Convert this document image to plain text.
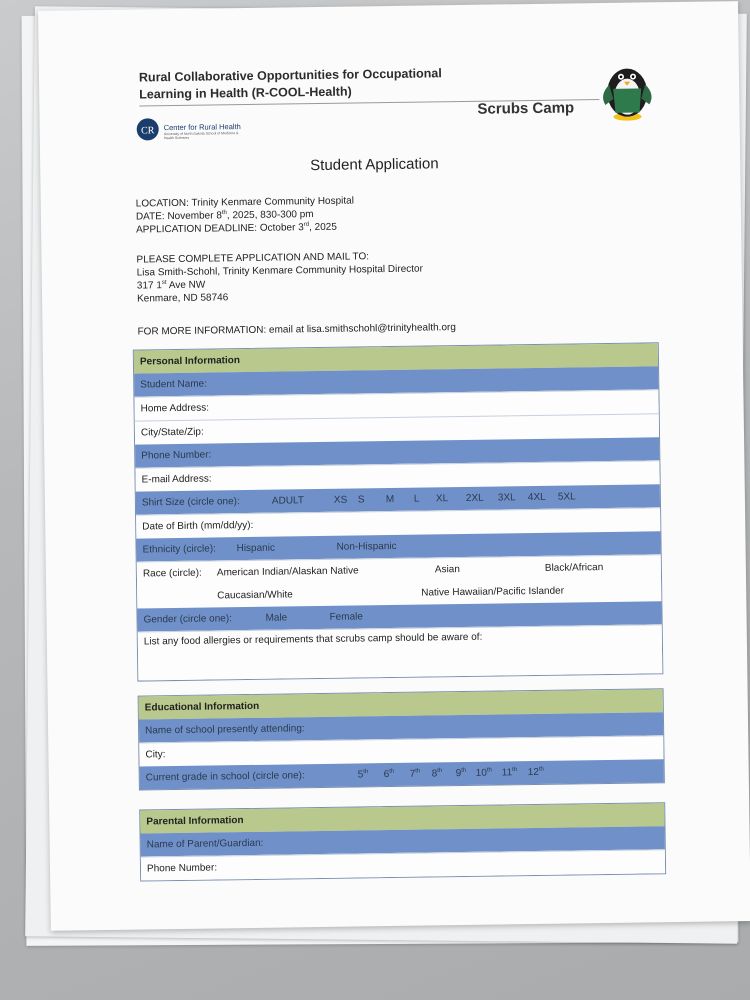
Rural Collaborative Opportunities for Occupational
Learning in Health (R-COOL-Health)
Scrubs Camp
CR Center for Rural Health
University of North Dakota School of Medicine & Health Sciences
Student Application
LOCATION: Trinity Kenmare Community Hospital
DATE: November 8th, 2025, 830-300 pm
APPLICATION DEADLINE: October 3rd, 2025
PLEASE COMPLETE APPLICATION AND MAIL TO:
Lisa Smith-Schohl, Trinity Kenmare Community Hospital Director
317 1st Ave NW
Kenmare, ND 58746
FOR MORE INFORMATION: email at lisa.smithschohl@trinityhealth.org
Personal Information
Student Name:
Home Address:
City/State/Zip:
Phone Number:
E-mail Address:
Shirt Size (circle one):	ADULT	XS S M L XL 2XL 3XL 4XL 5XL
Date of Birth (mm/dd/yy):
Ethnicity (circle): Hispanic	Non-Hispanic
Race (circle): American Indian/Alaskan Native	Asian	Black/African
Caucasian/White	Native Hawaiian/Pacific Islander
Gender (circle one):	Male	Female
List any food allergies or requirements that scrubs camp should be aware of:
Educational Information
Name of school presently attending:
City:
Current grade in school (circle one):	5th 6th 7th 8th 9th 10th 11th 12th
Parental Information
Name of Parent/Guardian:
Phone Number:
